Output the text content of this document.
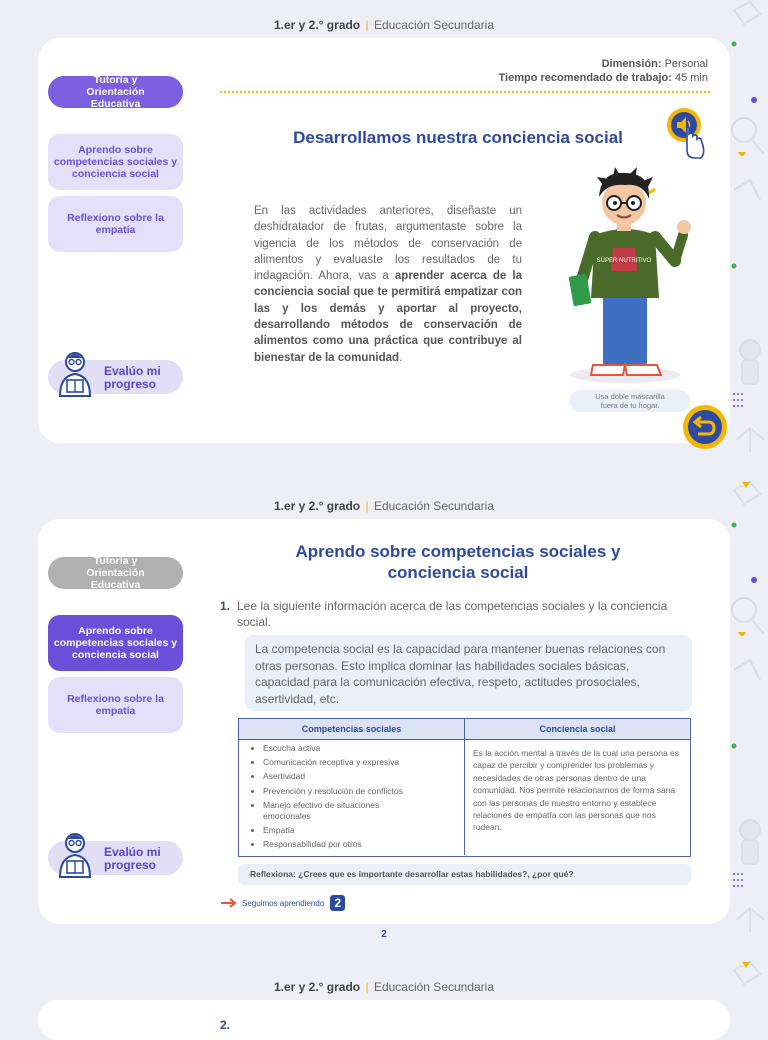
1.er y 2.° grado | Educación Secundaria
Tutoría y Orientación Educativa
Aprendo sobre competencias sociales y conciencia social
Reflexiono sobre la empatía
Evalúo mi progreso
Dimensión: Personal
Tiempo recomendado de trabajo: 45 min
Desarrollamos nuestra conciencia social
En las actividades anteriores, diseñaste un deshidratador de frutas, argumentaste sobre la vigencia de los métodos de conservación de alimentos y evaluaste los resultados de tu indagación. Ahora, vas a aprender acerca de la conciencia social que te permitirá empatizar con las y los demás y aportar al proyecto, desarrollando métodos de conservación de alimentos como una práctica que contribuye al bienestar de la comunidad.
SÚPER NUTRITIVO
Usa doble mascarilla fuera de tu hogar.
1.er y 2.° grado | Educación Secundaria
Tutoría y Orientación Educativa
Aprendo sobre competencias sociales y conciencia social
Reflexiono sobre la empatía
Evalúo mi progreso
Aprendo sobre competencias sociales y
conciencia social
1. Lee la siguiente información acerca de las competencias sociales y la conciencia social.
La competencia social es la capacidad para mantener buenas relaciones con otras personas. Esto implica dominar las habilidades sociales básicas, capacidad para la comunicación efectiva, respeto, actitudes prosociales, asertividad, etc.
Competencias sociales	Conciencia social
• Escucha activa
• Comunicación receptiva y expresiva
• Asertividad
• Prevención y resolución de conflictos
• Manejo efectivo de situaciones emocionales
• Empatía
• Responsabilidad por otros
Es la acción mental a través de la cual una persona es capaz de percibir y comprender los problemas y necesidades de otras personas dentro de una comunidad. Nos permite relacionarnos de forma sana con las personas de nuestro entorno y establece relaciones de empatía con las personas que nos rodean.
Reflexiona: ¿Crees que es importante desarrollar estas habilidades?, ¿por qué?
Seguimos aprendiendo 2
2
1.er y 2.° grado | Educación Secundaria
2.
